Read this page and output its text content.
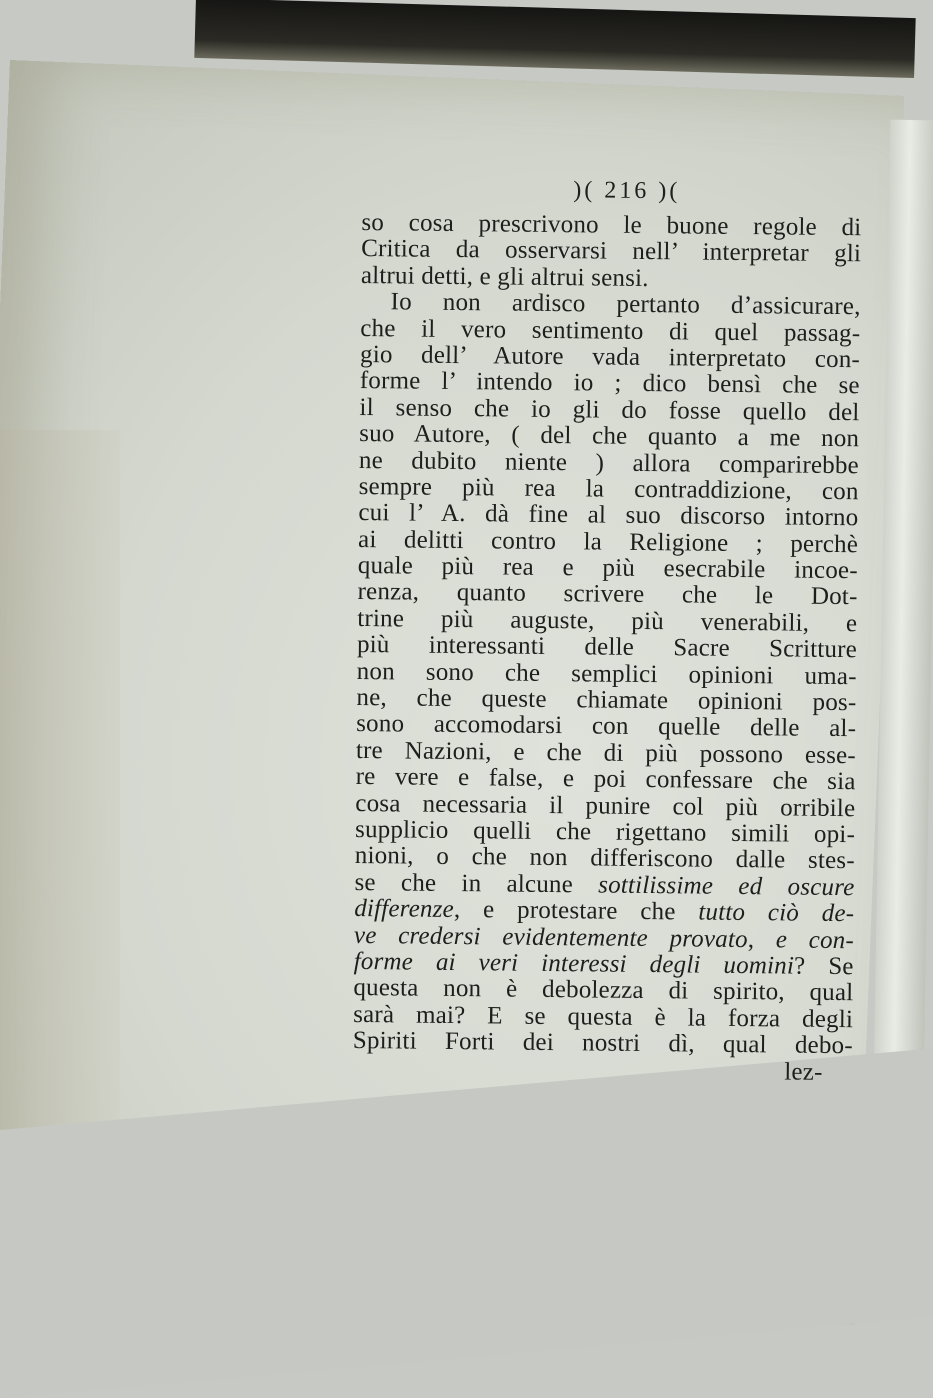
)( 216 )(
so cosa prescrivono le buone regole di
Critica da osservarsi nell’ interpretar gli
altrui detti, e gli altrui sensi.
Io non ardisco pertanto d’assicurare,
che il vero sentimento di quel passag-
gio dell’ Autore vada interpretato con-
forme l’ intendo io ; dico bensì che se
il senso che io gli do fosse quello del
suo Autore, ( del che quanto a me non
ne dubito niente ) allora comparirebbe
sempre più rea la contraddizione, con
cui l’ A. dà fine al suo discorso intorno
ai delitti contro la Religione ; perchè
quale più rea e più esecrabile incoe-
renza, quanto scrivere che le Dot-
trine più auguste, più venerabili, e
più interessanti delle Sacre Scritture
non sono che semplici opinioni uma-
ne, che queste chiamate opinioni pos-
sono accomodarsi con quelle delle al-
tre Nazioni, e che di più possono esse-
re vere e false, e poi confessare che sia
cosa necessaria il punire col più orribile
supplicio quelli che rigettano simili opi-
nioni, o che non differiscono dalle stes-
se che in alcune sottilissime ed oscure
differenze, e protestare che tutto ciò de-
ve credersi evidentemente provato, e con-
forme ai veri interessi degli uomini? Se
questa non è debolezza di spirito, qual
sarà mai? E se questa è la forza degli
Spiriti Forti dei nostri dì, qual debo-
lez-
